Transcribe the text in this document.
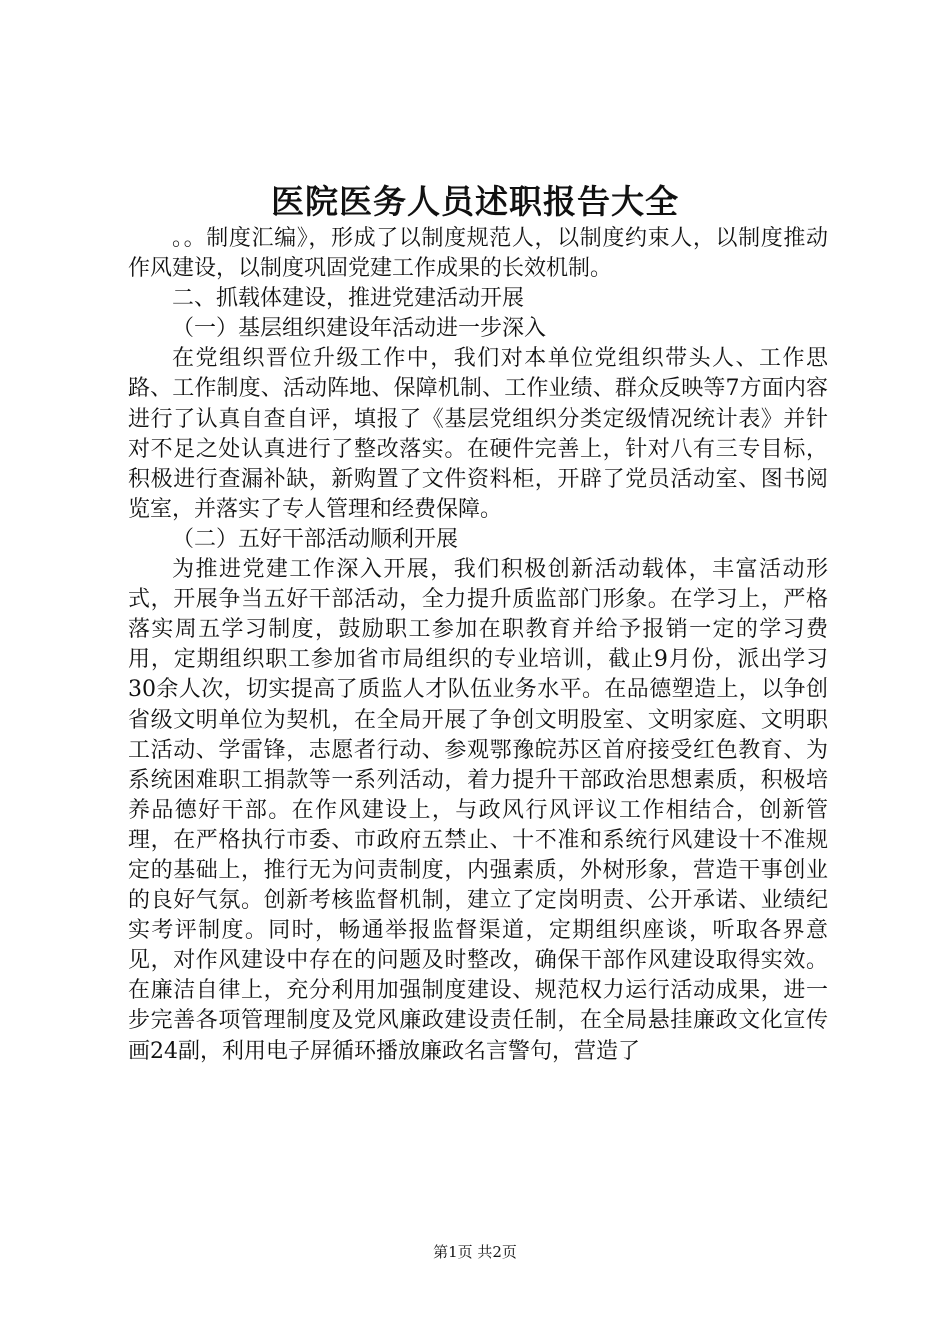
医院医务人员述职报告大全

。。制度汇编》，形成了以制度规范人，以制度约束人，以制度推动作风建设，以制度巩固党建工作成果的长效机制。

二、抓载体建设，推进党建活动开展

（一）基层组织建设年活动进一步深入

在党组织晋位升级工作中，我们对本单位党组织带头人、工作思路、工作制度、活动阵地、保障机制、工作业绩、群众反映等7方面内容进行了认真自查自评，填报了《基层党组织分类定级情况统计表》并针对不足之处认真进行了整改落实。在硬件完善上，针对八有三专目标，积极进行查漏补缺，新购置了文件资料柜，开辟了党员活动室、图书阅览室，并落实了专人管理和经费保障。

（二）五好干部活动顺利开展

为推进党建工作深入开展，我们积极创新活动载体，丰富活动形式，开展争当五好干部活动，全力提升质监部门形象。在学习上，严格落实周五学习制度，鼓励职工参加在职教育并给予报销一定的学习费用，定期组织职工参加省市局组织的专业培训，截止9月份，派出学习30余人次，切实提高了质监人才队伍业务水平。在品德塑造上，以争创省级文明单位为契机，在全局开展了争创文明股室、文明家庭、文明职工活动、学雷锋，志愿者行动、参观鄂豫皖苏区首府接受红色教育、为系统困难职工捐款等一系列活动，着力提升干部政治思想素质，积极培养品德好干部。在作风建设上，与政风行风评议工作相结合，创新管理，在严格执行市委、市政府五禁止、十不准和系统行风建设十不准规定的基础上，推行无为问责制度，内强素质，外树形象，营造干事创业的良好气氛。创新考核监督机制，建立了定岗明责、公开承诺、业绩纪实考评制度。同时，畅通举报监督渠道，定期组织座谈，听取各界意见，对作风建设中存在的问题及时整改，确保干部作风建设取得实效。在廉洁自律上，充分利用加强制度建设、规范权力运行活动成果，进一步完善各项管理制度及党风廉政建设责任制，在全局悬挂廉政文化宣传画24副，利用电子屏循环播放廉政名言警句，营造了

第1页 共2页
